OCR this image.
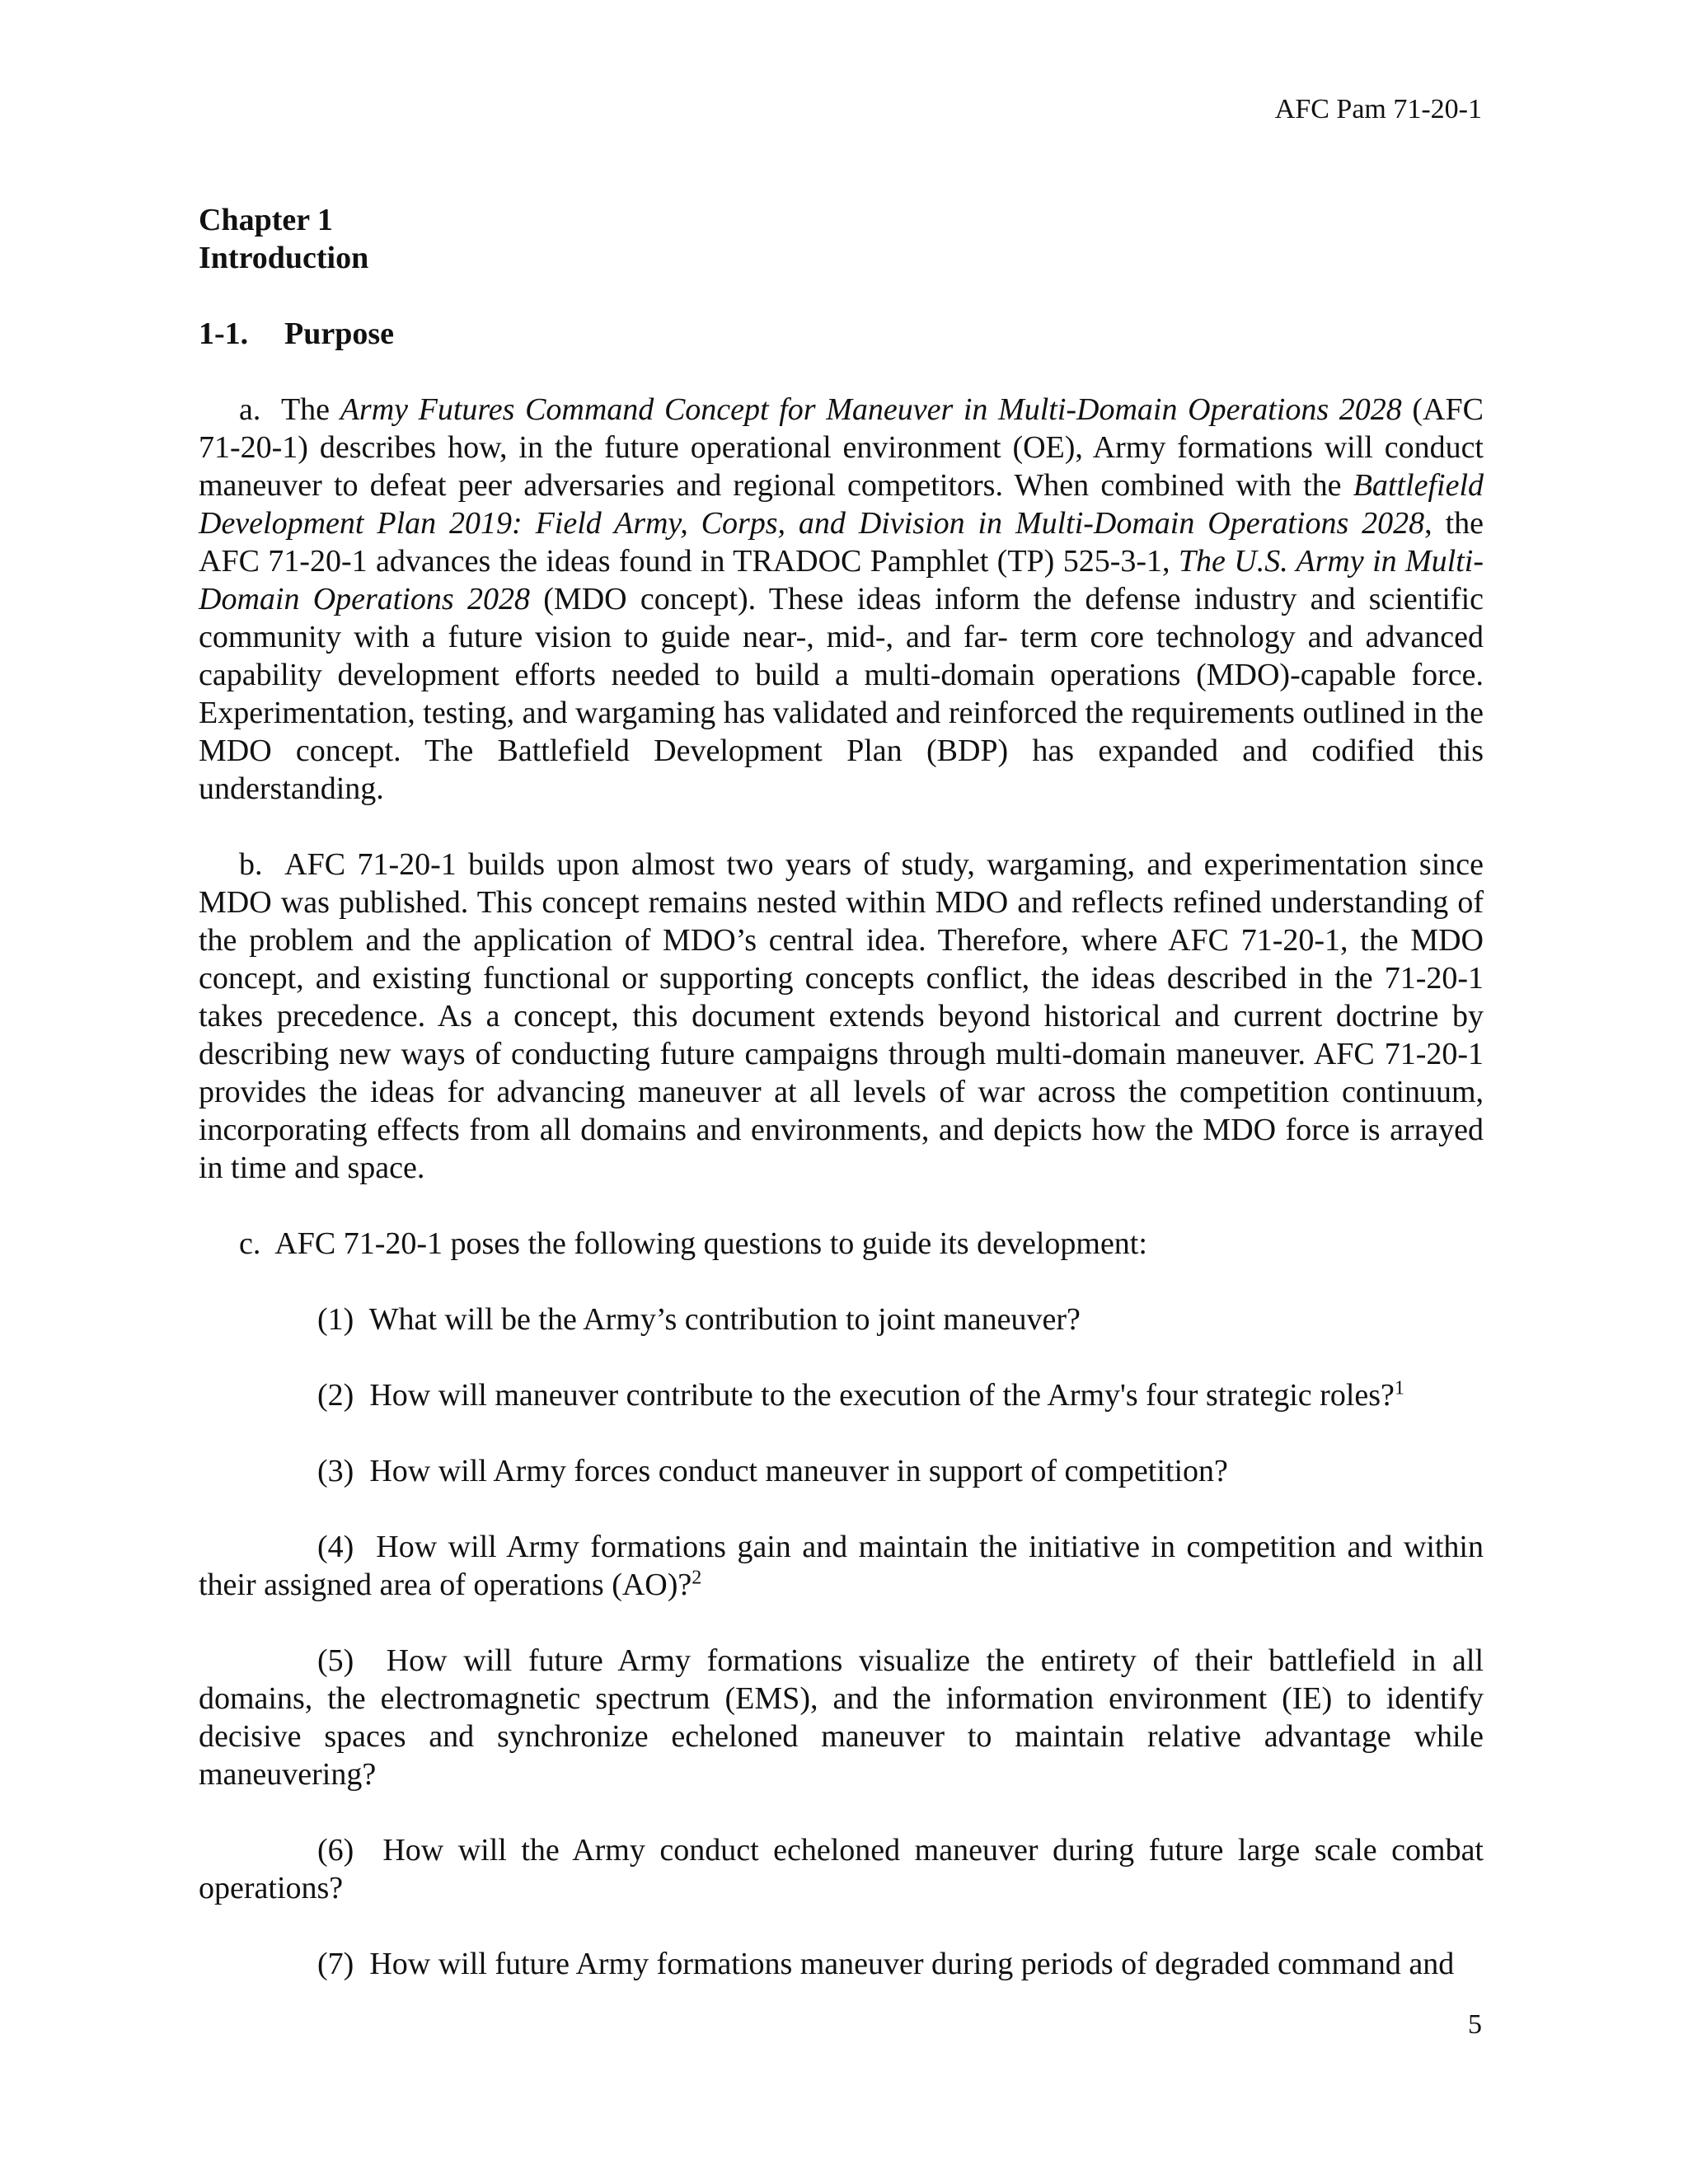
AFC Pam 71-20-1
Chapter 1
Introduction
1-1. Purpose

a. The Army Futures Command Concept for Maneuver in Multi-Domain Operations 2028 (AFC 71-20-1) describes how, in the future operational environment (OE), Army formations will conduct maneuver to defeat peer adversaries and regional competitors. When combined with the Battlefield Development Plan 2019: Field Army, Corps, and Division in Multi-Domain Operations 2028, the AFC 71-20-1 advances the ideas found in TRADOC Pamphlet (TP) 525-3-1, The U.S. Army in Multi-Domain Operations 2028 (MDO concept). These ideas inform the defense industry and scientific community with a future vision to guide near-, mid-, and far- term core technology and advanced capability development efforts needed to build a multi-domain operations (MDO)-capable force. Experimentation, testing, and wargaming has validated and reinforced the requirements outlined in the MDO concept. The Battlefield Development Plan (BDP) has expanded and codified this understanding.

b. AFC 71-20-1 builds upon almost two years of study, wargaming, and experimentation since MDO was published. This concept remains nested within MDO and reflects refined understanding of the problem and the application of MDO’s central idea. Therefore, where AFC 71-20-1, the MDO concept, and existing functional or supporting concepts conflict, the ideas described in the 71-20-1 takes precedence. As a concept, this document extends beyond historical and current doctrine by describing new ways of conducting future campaigns through multi-domain maneuver. AFC 71-20-1 provides the ideas for advancing maneuver at all levels of war across the competition continuum, incorporating effects from all domains and environments, and depicts how the MDO force is arrayed in time and space.

c. AFC 71-20-1 poses the following questions to guide its development:

(1) What will be the Army’s contribution to joint maneuver?

(2) How will maneuver contribute to the execution of the Army's four strategic roles?$^1$

(3) How will Army forces conduct maneuver in support of competition?

(4) How will Army formations gain and maintain the initiative in competition and within their assigned area of operations (AO)?$^2$

(5) How will future Army formations visualize the entirety of their battlefield in all domains, the electromagnetic spectrum (EMS), and the information environment (IE) to identify decisive spaces and synchronize echeloned maneuver to maintain relative advantage while maneuvering?

(6) How will the Army conduct echeloned maneuver during future large scale combat operations?

(7) How will future Army formations maneuver during periods of degraded command and

5
